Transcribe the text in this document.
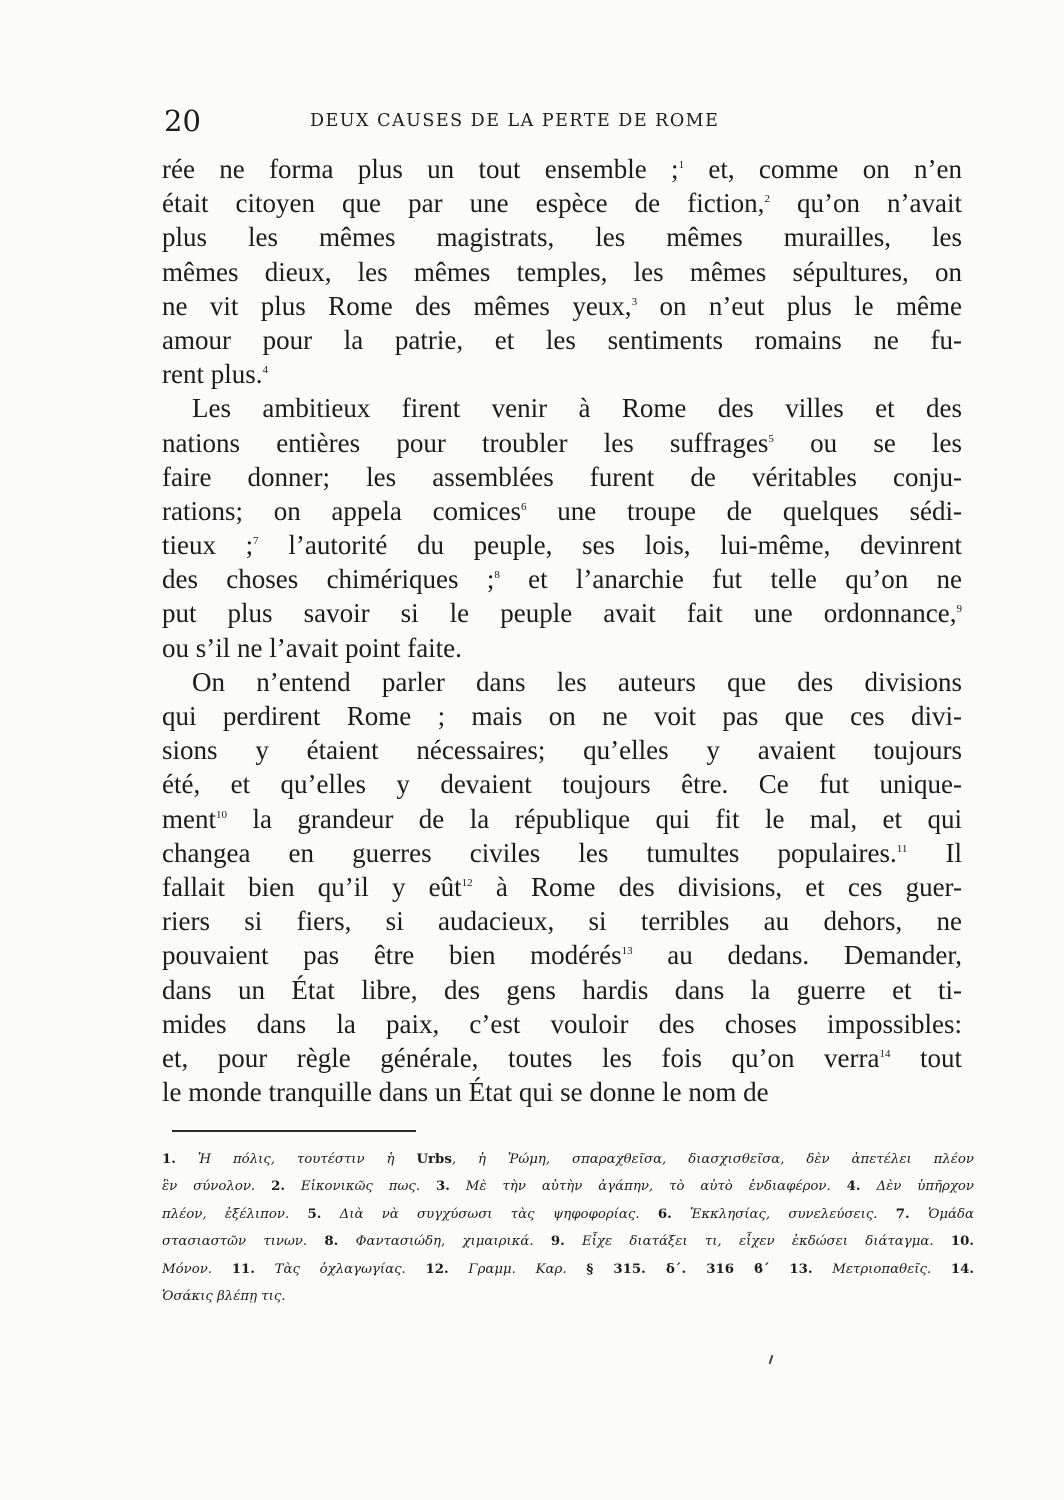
20	DEUX CAUSES DE LA PERTE DE ROME
rée ne forma plus un tout ensemble ;$^1$ et, comme on n’en
était citoyen que par une espèce de fiction,$^2$ qu’on n’avait
plus les mêmes magistrats, les mêmes murailles, les
mêmes dieux, les mêmes temples, les mêmes sépultures, on
ne vit plus Rome des mêmes yeux,$^3$ on n’eut plus le même
amour pour la patrie, et les sentiments romains ne fu-
rent plus.$^4$
Les ambitieux firent venir à Rome des villes et des
nations entières pour troubler les suffrages$^5$ ou se les
faire donner; les assemblées furent de véritables conju-
rations; on appela comices$^6$ une troupe de quelques sédi-
tieux ;$^7$ l’autorité du peuple, ses lois, lui-même, devinrent
des choses chimériques ;$^8$ et l’anarchie fut telle qu’on ne
put plus savoir si le peuple avait fait une ordonnance,$^9$
ou s’il ne l’avait point faite.
On n’entend parler dans les auteurs que des divisions
qui perdirent Rome ; mais on ne voit pas que ces divi-
sions y étaient nécessaires; qu’elles y avaient toujours
été, et qu’elles y devaient toujours être. Ce fut unique-
ment$^{10}$ la grandeur de la république qui fit le mal, et qui
changea en guerres civiles les tumultes populaires.$^{11}$ Il
fallait bien qu’il y eût$^{12}$ à Rome des divisions, et ces guer-
riers si fiers, si audacieux, si terribles au dehors, ne
pouvaient pas être bien modérés$^{13}$ au dedans. Demander,
dans un État libre, des gens hardis dans la guerre et ti-
mides dans la paix, c’est vouloir des choses impossibles:
et, pour règle générale, toutes les fois qu’on verra$^{14}$ tout
le monde tranquille dans un État qui se donne le nom de
1. Ἡ πόλις, τουτέστιν ἡ Urbs, ἡ Ῥώμη, σπαραχθεῖσα, διασχισθεῖσα, δὲν ἀπετέλει πλέον
ἓν σύνολον. 2. Εἰκονικῶς πως. 3. Μὲ τὴν αὐτὴν ἀγάπην, τὸ αὐτὸ ἐνδιαφέρον. 4. Δὲν ὑπῆρχον
πλέον, ἐξέλιπον. 5. Διὰ νὰ συγχύσωσι τὰς ψηφοφορίας. 6. Ἐκκλησίας, συνελεύσεις. 7. Ὁμάδα
στασιαστῶν τινων. 8. Φαντασιώδη, χιμαιρικά. 9. Εἶχε διατάξει τι, εἶχεν ἐκδώσει διάταγμα. 10.
Μόνον. 11. Τὰς ὀχλαγωγίας. 12. Γραμμ. Καρ. § 315. δ΄. 316 ϐ΄ 13. Μετριοπαθεῖς. 14.
Ὁσάκις βλέπῃ τις.
